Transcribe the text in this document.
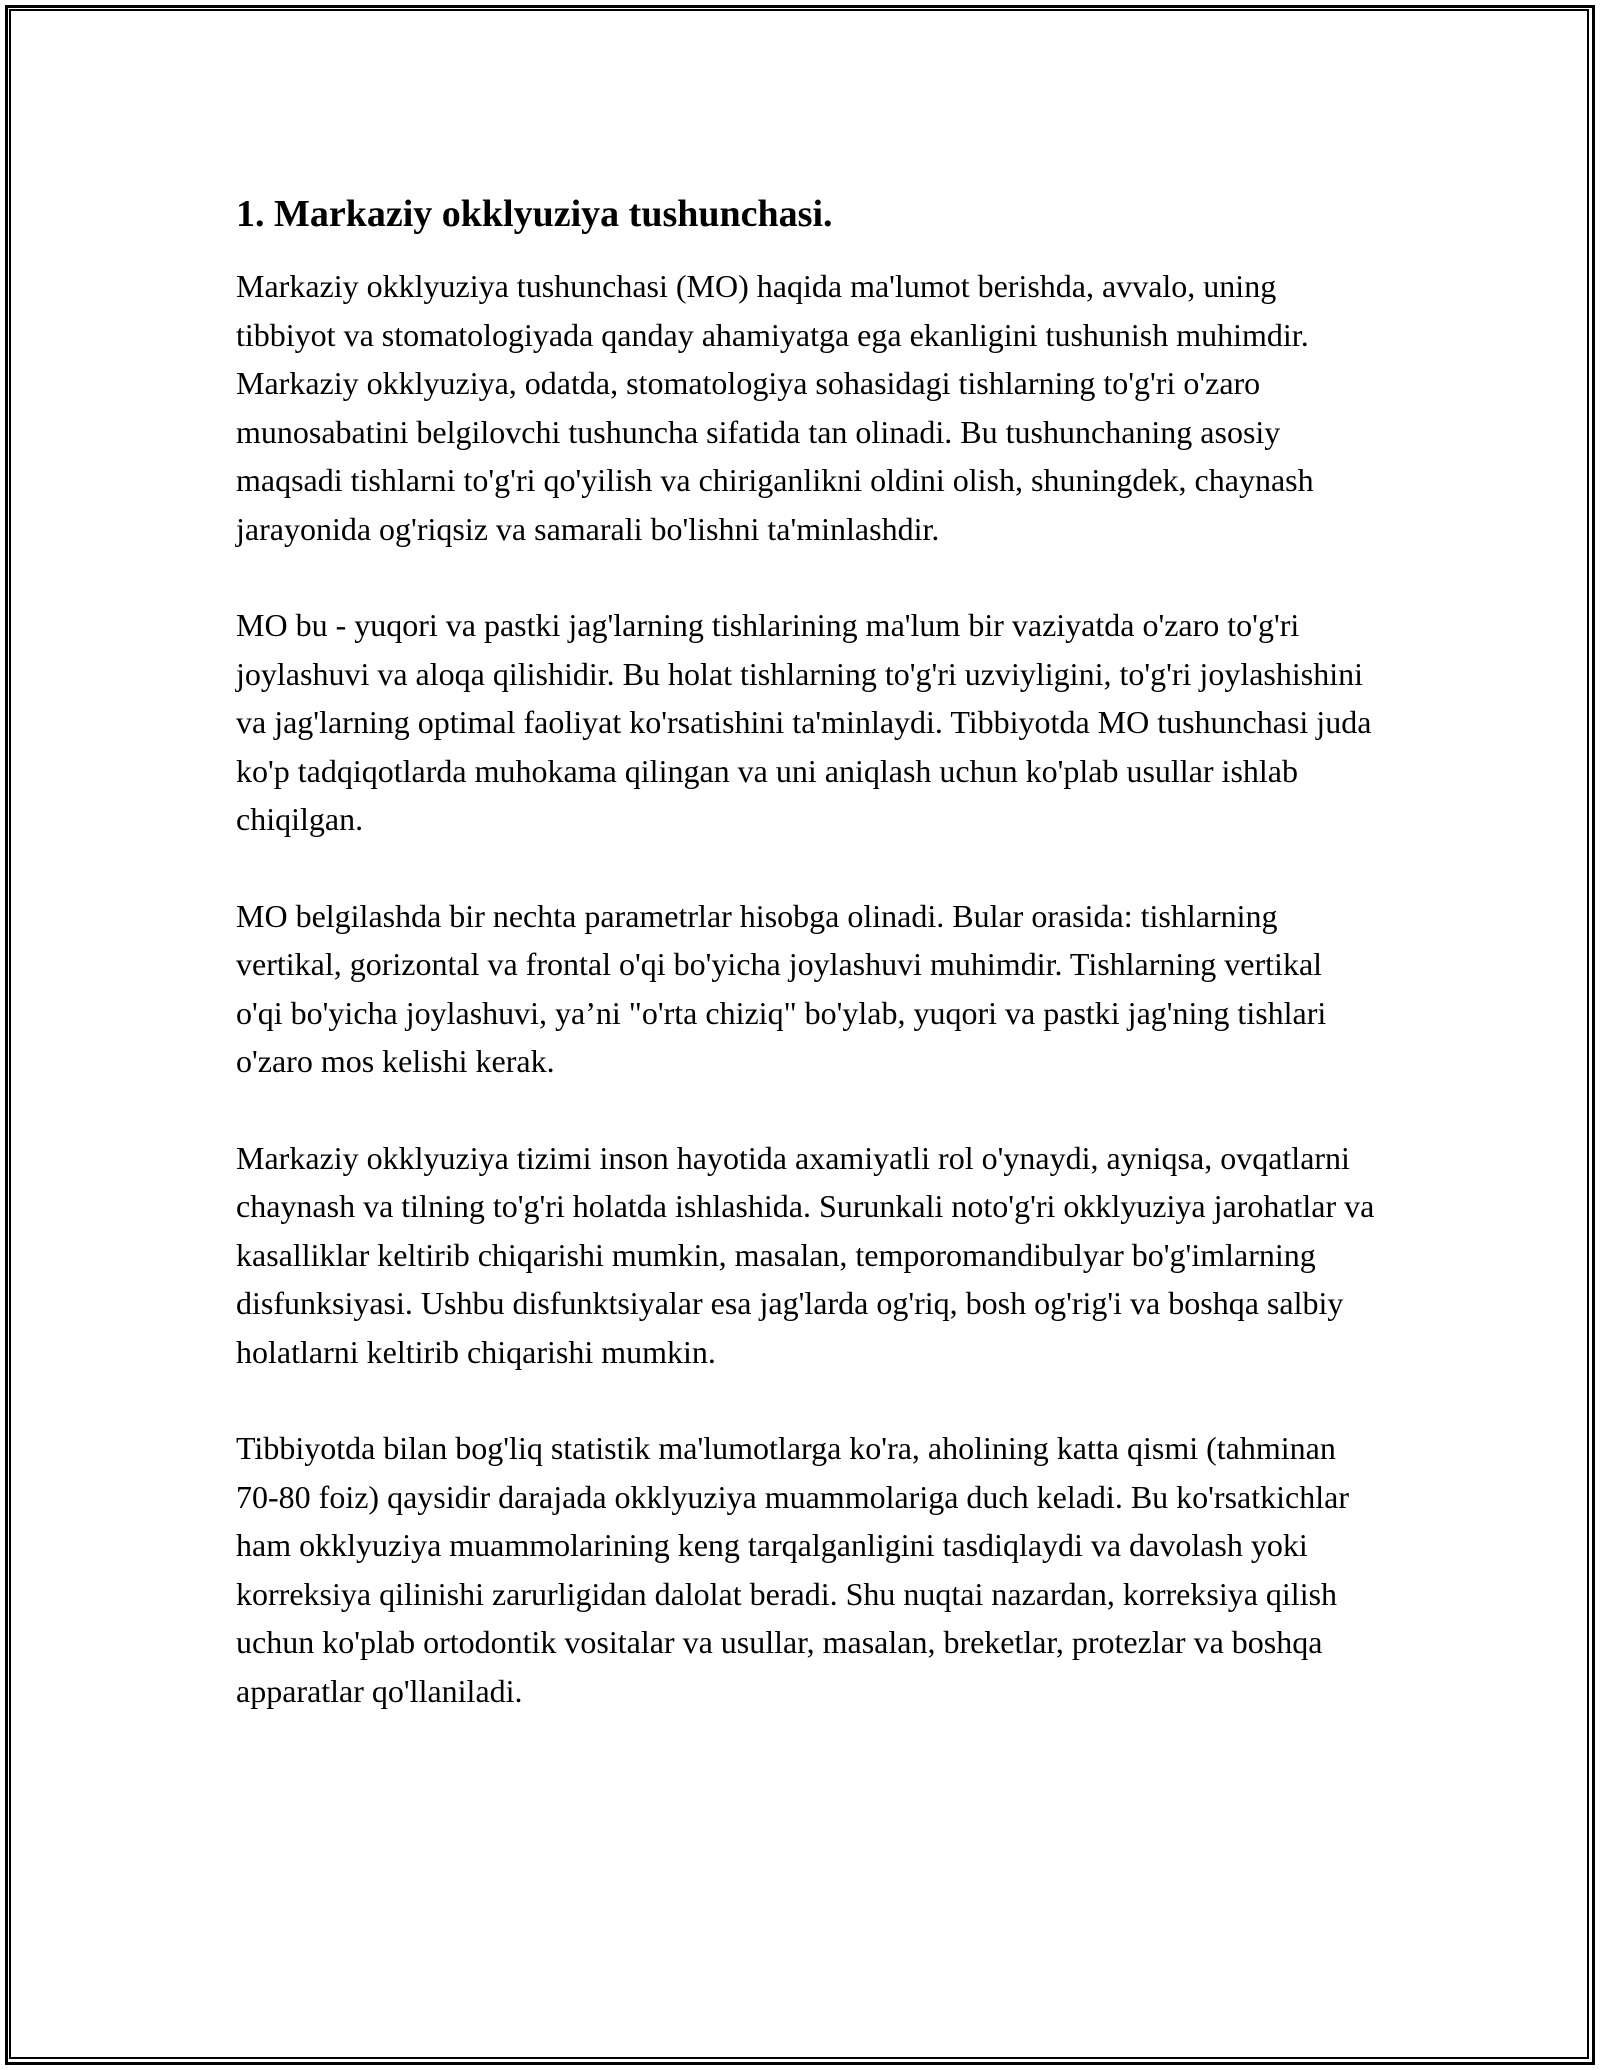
1. Markaziy okklyuziya tushunchasi.

Markaziy okklyuziya tushunchasi (MO) haqida ma'lumot berishda, avvalo, uning tibbiyot va stomatologiyada qanday ahamiyatga ega ekanligini tushunish muhimdir. Markaziy okklyuziya, odatda, stomatologiya sohasidagi tishlarning to'g'ri o'zaro munosabatini belgilovchi tushuncha sifatida tan olinadi. Bu tushunchaning asosiy maqsadi tishlarni to'g'ri qo'yilish va chiriganlikni oldini olish, shuningdek, chaynash jarayonida og'riqsiz va samarali bo'lishni ta'minlashdir.

MO bu - yuqori va pastki jag'larning tishlarining ma'lum bir vaziyatda o'zaro to'g'ri joylashuvi va aloqa qilishidir. Bu holat tishlarning to'g'ri uzviyligini, to'g'ri joylashishini va jag'larning optimal faoliyat ko'rsatishini ta'minlaydi. Tibbiyotda MO tushunchasi juda ko'p tadqiqotlarda muhokama qilingan va uni aniqlash uchun ko'plab usullar ishlab chiqilgan.

MO belgilashda bir nechta parametrlar hisobga olinadi. Bular orasida: tishlarning vertikal, gorizontal va frontal o'qi bo'yicha joylashuvi muhimdir. Tishlarning vertikal o'qi bo'yicha joylashuvi, ya’ni "o'rta chiziq" bo'ylab, yuqori va pastki jag'ning tishlari o'zaro mos kelishi kerak.

Markaziy okklyuziya tizimi inson hayotida axamiyatli rol o'ynaydi, ayniqsa, ovqatlarni chaynash va tilning to'g'ri holatda ishlashida. Surunkali noto'g'ri okklyuziya jarohatlar va kasalliklar keltirib chiqarishi mumkin, masalan, temporomandibulyar bo'g'imlarning disfunksiyasi. Ushbu disfunktsiyalar esa jag'larda og'riq, bosh og'rig'i va boshqa salbiy holatlarni keltirib chiqarishi mumkin.

Tibbiyotda bilan bog'liq statistik ma'lumotlarga ko'ra, aholining katta qismi (tahminan 70-80 foiz) qaysidir darajada okklyuziya muammolariga duch keladi. Bu ko'rsatkichlar ham okklyuziya muammolarining keng tarqalganligini tasdiqlaydi va davolash yoki korreksiya qilinishi zarurligidan dalolat beradi. Shu nuqtai nazardan, korreksiya qilish uchun ko'plab ortodontik vositalar va usullar, masalan, breketlar, protezlar va boshqa apparatlar qo'llaniladi.
